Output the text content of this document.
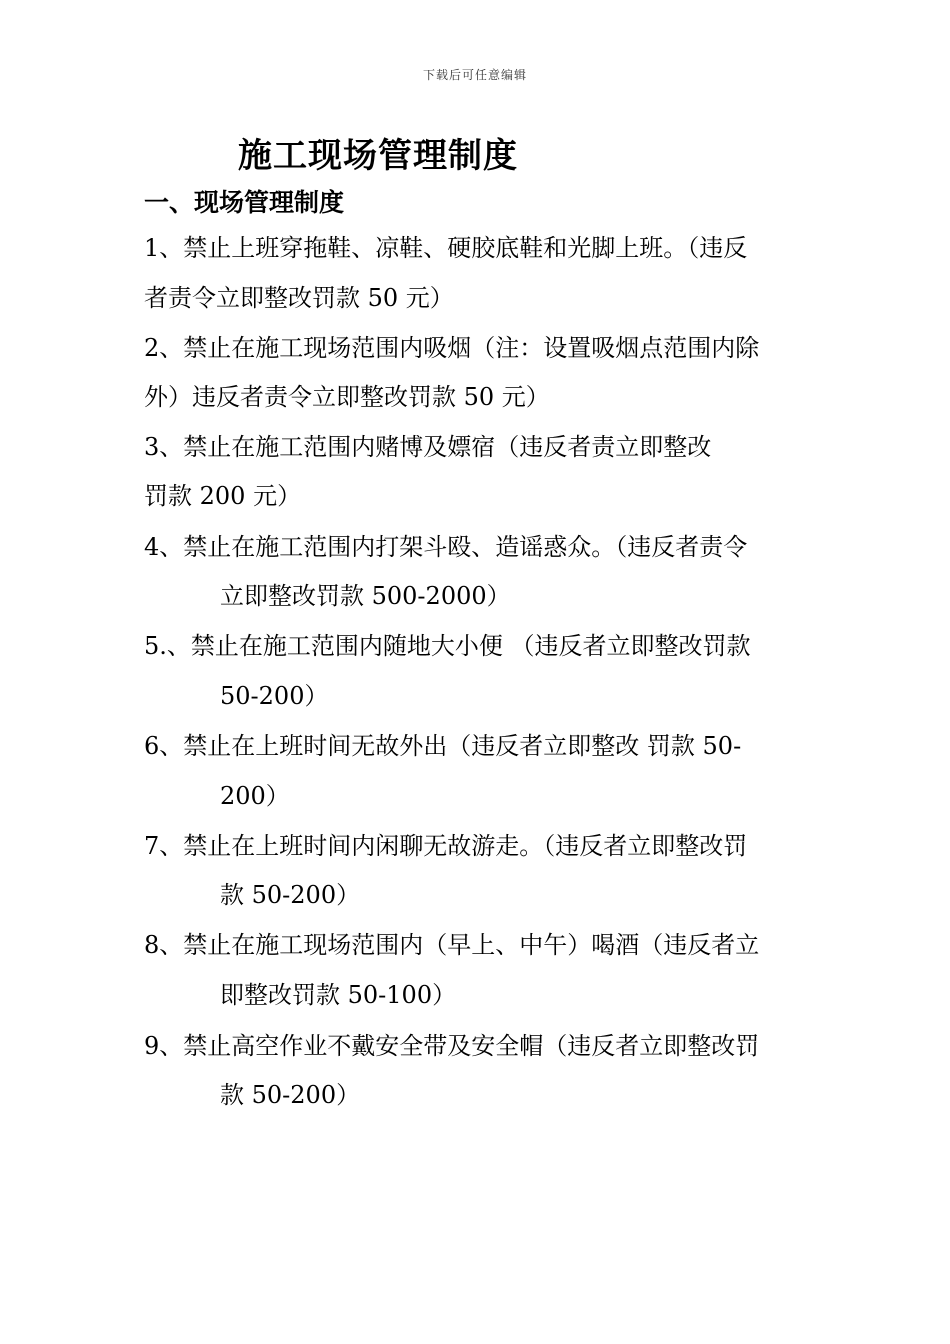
下载后可任意编辑
施工现场管理制度
一、现场管理制度
1、禁止上班穿拖鞋、凉鞋、硬胶底鞋和光脚上班。（违反
者责令立即整改罚款 50 元）
2、禁止在施工现场范围内吸烟（注：设置吸烟点范围内除
外）违反者责令立即整改罚款 50 元）
3、禁止在施工范围内赌博及嫖宿（违反者责立即整改
罚款 200 元）
4、禁止在施工范围内打架斗殴、造谣惑众。（违反者责令
立即整改罚款 500-2000）
5.、禁止在施工范围内随地大小便 （违反者立即整改罚款
50-200）
6、禁止在上班时间无故外出（违反者立即整改 罚款 50-
200）
7、禁止在上班时间内闲聊无故游走。（违反者立即整改罚
款 50-200）
8、禁止在施工现场范围内（早上、中午）喝酒（违反者立
即整改罚款 50-100）
9、禁止高空作业不戴安全带及安全帽（违反者立即整改罚
款 50-200）
